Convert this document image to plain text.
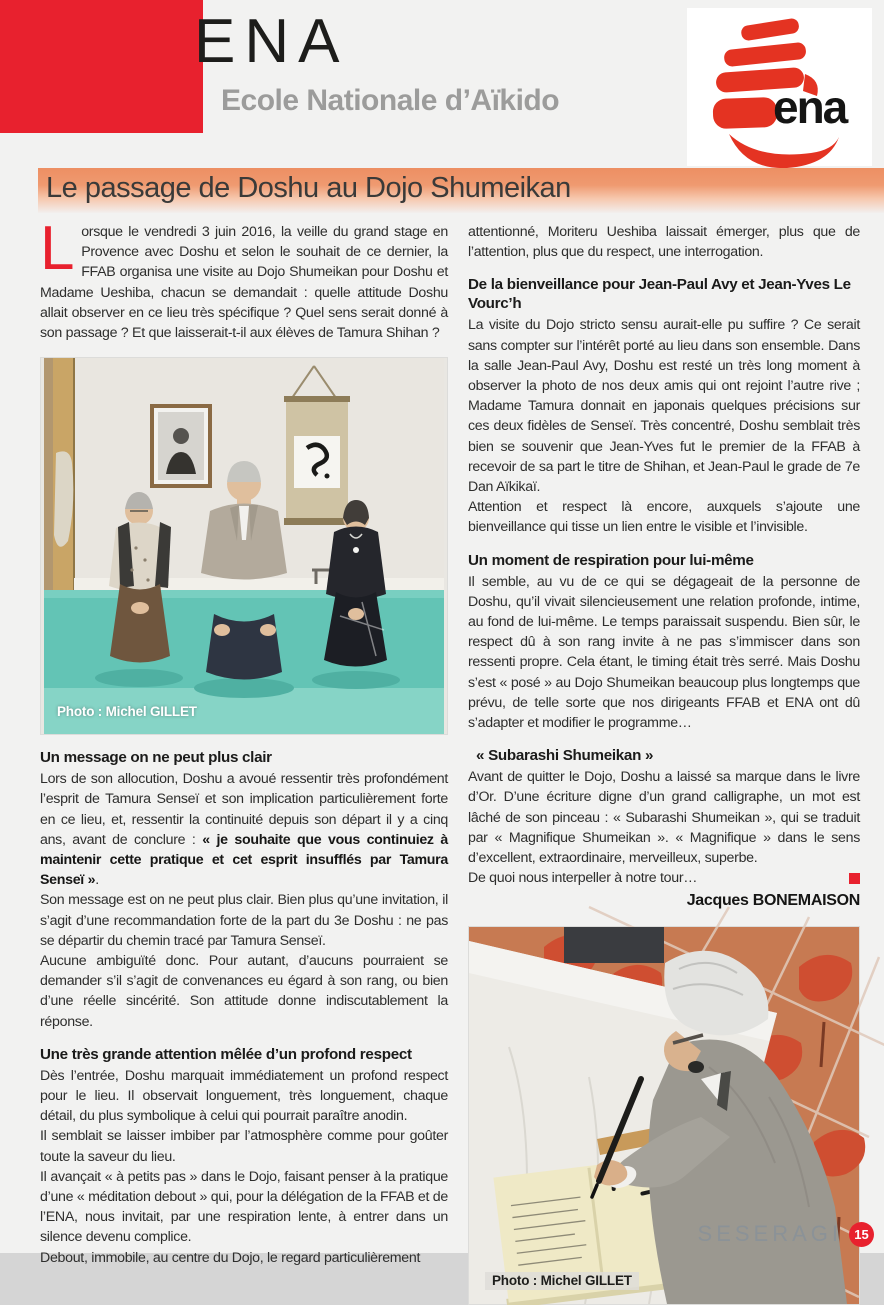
ENA
Ecole Nationale d’Aïkido	ena
Le passage de Doshu au Dojo Shumeikan

Lorsque le vendredi 3 juin 2016, la veille du grand stage en Provence avec Doshu et selon le souhait de ce dernier, la FFAB organisa une visite au Dojo Shumeikan pour Doshu et Madame Ueshiba, chacun se demandait : quelle attitude Doshu allait observer en ce lieu très spécifique ? Quel sens serait donné à son passage ? Et que laisserait-t-il aux élèves de Tamura Shihan ?

Photo : Michel GILLET
Un message on ne peut plus clair

Lors de son allocution, Doshu a avoué ressentir très profondément l’esprit de Tamura Senseï et son implication particulièrement forte en ce lieu, et, ressentir la continuité depuis son départ il y a cinq ans, avant de conclure : « je souhaite que vous continuiez à maintenir cette pratique et cet esprit insufflés par Tamura Senseï ».

Son message est on ne peut plus clair. Bien plus qu’une invitation, il s’agit d’une recommandation forte de la part du 3e Doshu : ne pas se départir du chemin tracé par Tamura Senseï.

Aucune ambiguïté donc. Pour autant, d’aucuns pourraient se demander s’il s’agit de convenances eu égard à son rang, ou bien d’une réelle sincérité. Son attitude donne indiscutablement la réponse.

Une très grande attention mêlée d’un profond respect

Dès l’entrée, Doshu marquait immédiatement un profond respect pour le lieu. Il observait longuement, très longuement, chaque détail, du plus symbolique à celui qui pourrait paraître anodin.

Il semblait se laisser imbiber par l’atmosphère comme pour goûter toute la saveur du lieu.

Il avançait « à petits pas » dans le Dojo, faisant penser à la pratique d’une « méditation debout » qui, pour la délégation de la FFAB et de l’ENA, nous invitait, par une respiration lente, à entrer dans un silence devenu complice.

Debout, immobile, au centre du Dojo, le regard particulièrement

attentionné, Moriteru Ueshiba laissait émerger, plus que de l’attention, plus que du respect, une interrogation.

De la bienveillance pour Jean-Paul Avy et Jean-Yves Le Vourc’h

La visite du Dojo stricto sensu aurait-elle pu suffire ? Ce serait sans compter sur l’intérêt porté au lieu dans son ensemble. Dans la salle Jean-Paul Avy, Doshu est resté un très long moment à observer la photo de nos deux amis qui ont rejoint l’autre rive ; Madame Tamura donnait en japonais quelques précisions sur ces deux fidèles de Senseï. Très concentré, Doshu semblait très bien se souvenir que Jean-Yves fut le premier de la FFAB à recevoir de sa part le titre de Shihan, et Jean-Paul le grade de 7e Dan Aïkikaï.

Attention et respect là encore, auxquels s’ajoute une bienveillance qui tisse un lien entre le visible et l’invisible.

Un moment de respiration pour lui-même

Il semble, au vu de ce qui se dégageait de la personne de Doshu, qu’il vivait silencieusement une relation profonde, intime, au fond de lui-même. Le temps paraissait suspendu. Bien sûr, le respect dû à son rang invite à ne pas s’immiscer dans son ressenti propre. Cela étant, le timing était très serré. Mais Doshu s’est « posé » au Dojo Shumeikan beaucoup plus longtemps que prévu, de telle sorte que nos dirigeants FFAB et ENA ont dû s’adapter et modifier le programme…

« Subarashi Shumeikan »

Avant de quitter le Dojo, Doshu a laissé sa marque dans le livre d’Or. D’une écriture digne d’un grand calligraphe, un mot est lâché de son pinceau : « Subarashi Shumeikan », qui se traduit par « Magnifique Shumeikan ». « Magnifique » dans le sens d’excellent, extraordinaire, merveilleux, superbe.

De quoi nous interpeller à notre tour…

Jacques BONEMAISON
Photo : Michel GILLET
SESERAGI 15
